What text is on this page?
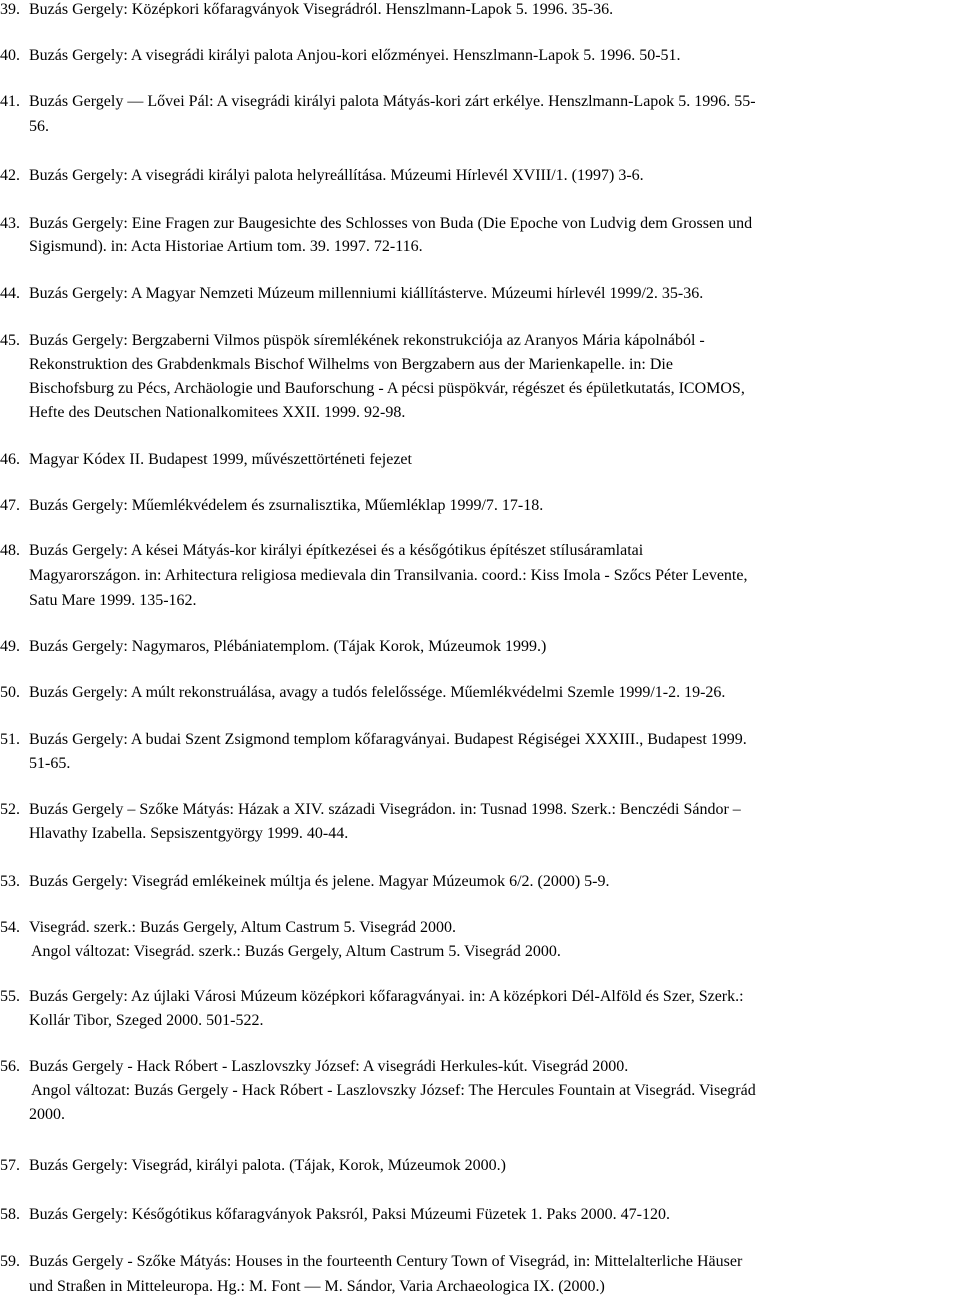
39. Buzás Gergely: Középkori kőfaragványok Visegrádról. Henszlmann-Lapok 5. 1996. 35-36.
40. Buzás Gergely: A visegrádi királyi palota Anjou-kori előzményei. Henszlmann-Lapok 5. 1996. 50-51.
41. Buzás Gergely — Lővei Pál: A visegrádi királyi palota Mátyás-kori zárt erkélye. Henszlmann-Lapok 5. 1996. 55-
56.
42. Buzás Gergely: A visegrádi királyi palota helyreállítása. Múzeumi Hírlevél XVIII/1. (1997) 3-6.
43. Buzás Gergely: Eine Fragen zur Baugesichte des Schlosses von Buda (Die Epoche von Ludvig dem Grossen und
Sigismund). in: Acta Historiae Artium tom. 39. 1997. 72-116.
44. Buzás Gergely: A Magyar Nemzeti Múzeum millenniumi kiállításterve. Múzeumi hírlevél 1999/2. 35-36.
45. Buzás Gergely: Bergzaberni Vilmos püspök síremlékének rekonstrukciója az Aranyos Mária kápolnából -
Rekonstruktion des Grabdenkmals Bischof Wilhelms von Bergzabern aus der Marienkapelle. in: Die
Bischofsburg zu Pécs, Archäologie und Bauforschung - A pécsi püspökvár, régészet és épületkutatás, ICOMOS,
Hefte des Deutschen Nationalkomitees XXII. 1999. 92-98.
46. Magyar Kódex II. Budapest 1999, művészettörténeti fejezet
47. Buzás Gergely: Műemlékvédelem és zsurnalisztika, Műemléklap 1999/7. 17-18.
48. Buzás Gergely: A kései Mátyás-kor királyi építkezései és a későgótikus építészet stílusáramlatai
Magyarországon. in: Arhitectura religiosa medievala din Transilvania. coord.: Kiss Imola - Szőcs Péter Levente,
Satu Mare 1999. 135-162.
49. Buzás Gergely: Nagymaros, Plébániatemplom. (Tájak Korok, Múzeumok 1999.)
50. Buzás Gergely: A múlt rekonstruálása, avagy a tudós felelőssége. Műemlékvédelmi Szemle 1999/1-2. 19-26.
51. Buzás Gergely: A budai Szent Zsigmond templom kőfaragványai. Budapest Régiségei XXXIII., Budapest 1999.
51-65.
52. Buzás Gergely – Szőke Mátyás: Házak a XIV. századi Visegrádon. in: Tusnad 1998. Szerk.: Benczédi Sándor –
Hlavathy Izabella. Sepsiszentgyörgy 1999. 40-44.
53. Buzás Gergely: Visegrád emlékeinek múltja és jelene. Magyar Múzeumok 6/2. (2000) 5-9.
54. Visegrád. szerk.: Buzás Gergely, Altum Castrum 5. Visegrád 2000.
Angol változat: Visegrád. szerk.: Buzás Gergely, Altum Castrum 5. Visegrád 2000.
55. Buzás Gergely: Az újlaki Városi Múzeum középkori kőfaragványai. in: A középkori Dél-Alföld és Szer, Szerk.:
Kollár Tibor, Szeged 2000. 501-522.
56. Buzás Gergely - Hack Róbert - Laszlovszky József: A visegrádi Herkules-kút. Visegrád 2000.
Angol változat: Buzás Gergely - Hack Róbert - Laszlovszky József: The Hercules Fountain at Visegrád. Visegrád
2000.
57. Buzás Gergely: Visegrád, királyi palota. (Tájak, Korok, Múzeumok 2000.)
58. Buzás Gergely: Későgótikus kőfaragványok Paksról, Paksi Múzeumi Füzetek 1. Paks 2000. 47-120.
59. Buzás Gergely - Szőke Mátyás: Houses in the fourteenth Century Town of Visegrád, in: Mittelalterliche Häuser
und Straßen in Mitteleuropa. Hg.: M. Font — M. Sándor, Varia Archaeologica IX. (2000.)
